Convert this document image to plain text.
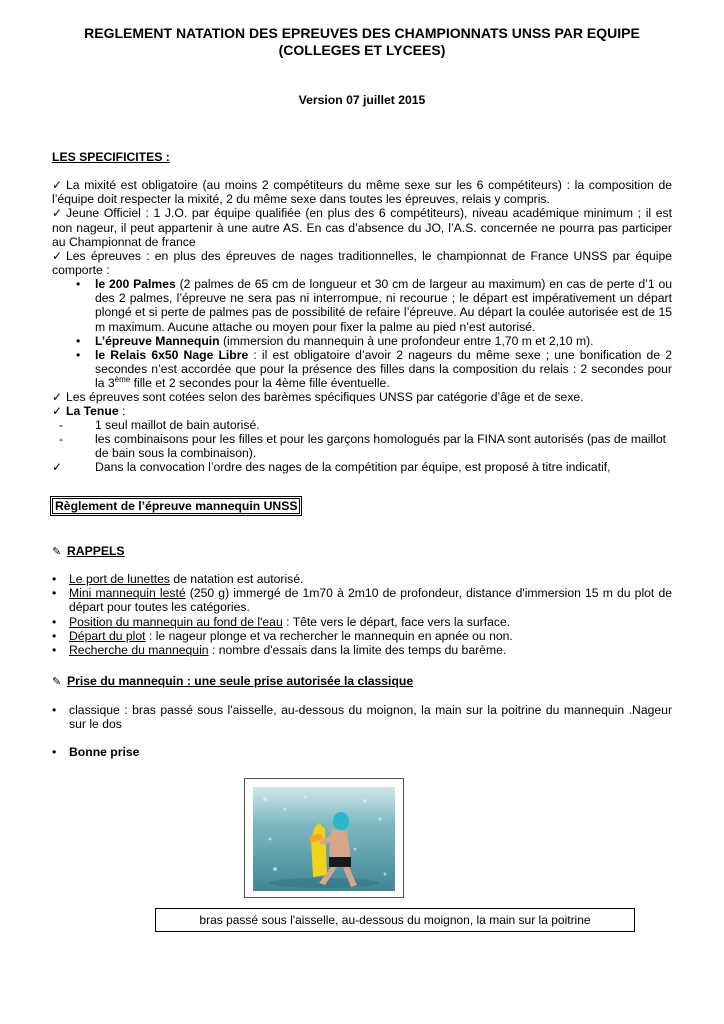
REGLEMENT NATATION DES EPREUVES DES CHAMPIONNATS UNSS PAR EQUIPE
(COLLEGES ET LYCEES)
Version 07 juillet 2015
LES SPECIFICITES :
✓ La mixité est obligatoire (au moins 2 compétiteurs du même sexe sur les 6 compétiteurs) : la composition de l’équipe doit respecter la mixité, 2 du même sexe dans toutes les épreuves, relais y compris.
✓ Jeune Officiel : 1 J.O. par équipe qualifiée (en plus des 6 compétiteurs), niveau académique minimum ; il est non nageur, il peut appartenir à une autre AS. En cas d’absence du JO, l’A.S. concernée ne pourra pas participer au Championnat de france
✓ Les épreuves : en plus des épreuves de nages traditionnelles, le championnat de France UNSS par équipe comporte :
• le 200 Palmes (2 palmes de 65 cm de longueur et 30 cm de largeur au maximum) en cas de perte d’1 ou des 2 palmes, l’épreuve ne sera pas ni interrompue, ni recourue ; le départ est impérativement un départ plongé et si perte de palmes pas de possibilité de refaire l’épreuve. Au départ la coulée autorisée est de 15 m maximum. Aucune attache ou moyen pour fixer la palme au pied n’est autorisé.
• L’épreuve Mannequin (immersion du mannequin à une profondeur entre 1,70 m et 2,10 m).
• le Relais 6x50 Nage Libre : il est obligatoire d’avoir 2 nageurs du même sexe ; une bonification de 2 secondes n’est accordée que pour la présence des filles dans la composition du relais : 2 secondes pour la 3ème fille et 2 secondes pour la 4ème fille éventuelle.
✓ Les épreuves sont cotées selon des barèmes spécifiques UNSS par catégorie d’âge et de sexe.
✓ La Tenue :
-	1 seul maillot de bain autorisé.
-	les combinaisons pour les filles et pour les garçons homologués par la FINA sont autorisés (pas de maillot de bain sous la combinaison).
✓	Dans la convocation l’ordre des nages de la compétition par équipe, est proposé à titre indicatif,
Règlement de l’épreuve mannequin UNSS
✎ RAPPELS
• Le port de lunettes de natation est autorisé.
• Mini mannequin lesté (250 g) immergé de 1m70 à 2m10 de profondeur, distance d'immersion 15 m du plot de départ pour toutes les catégories.
• Position du mannequin au fond de l'eau : Tête vers le départ, face vers la surface.
• Départ du plot : le nageur plonge et va rechercher le mannequin en apnée ou non.
• Recherche du mannequin : nombre d'essais dans la limite des temps du barème.
✎ Prise du mannequin : une seule prise autorisée la classique
• classique : bras passé sous l'aisselle, au-dessous du moignon, la main sur la poitrine du mannequin .Nageur sur le dos
• Bonne prise
bras passé sous l'aisselle, au-dessous du moignon, la main sur la poitrine
